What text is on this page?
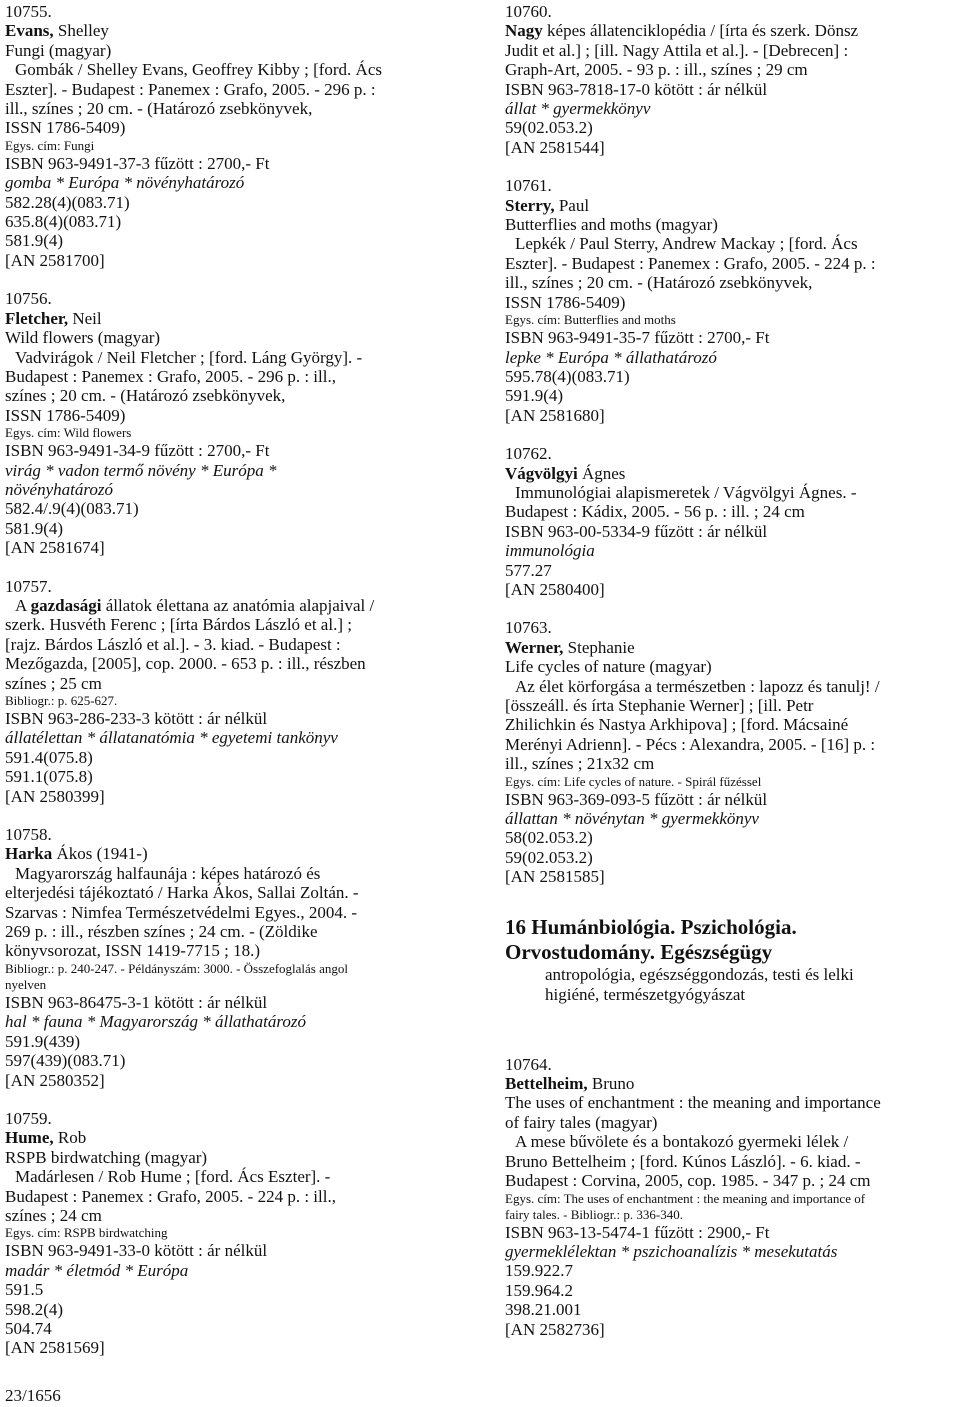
10755.
Evans, Shelley
Fungi (magyar)
Gombák / Shelley Evans, Geoffrey Kibby ; [ford. Ács
Eszter]. - Budapest : Panemex : Grafo, 2005. - 296 p. :
ill., színes ; 20 cm. - (Határozó zsebkönyvek,
ISSN 1786-5409)
Egys. cím: Fungi
ISBN 963-9491-37-3 fűzött : 2700,- Ft
gomba * Európa * növényhatározó
582.28(4)(083.71)
635.8(4)(083.71)
581.9(4)
[AN 2581700]
10756.
Fletcher, Neil
Wild flowers (magyar)
Vadvirágok / Neil Fletcher ; [ford. Láng György]. -
Budapest : Panemex : Grafo, 2005. - 296 p. : ill.,
színes ; 20 cm. - (Határozó zsebkönyvek,
ISSN 1786-5409)
Egys. cím: Wild flowers
ISBN 963-9491-34-9 fűzött : 2700,- Ft
virág * vadon termő növény * Európa *
növényhatározó
582.4/.9(4)(083.71)
581.9(4)
[AN 2581674]
10757.
A gazdasági állatok élettana az anatómia alapjaival /
szerk. Husvéth Ferenc ; [írta Bárdos László et al.] ;
[rajz. Bárdos László et al.]. - 3. kiad. - Budapest :
Mezőgazda, [2005], cop. 2000. - 653 p. : ill., részben
színes ; 25 cm
Bibliogr.: p. 625-627.
ISBN 963-286-233-3 kötött : ár nélkül
állatélettan * állatanatómia * egyetemi tankönyv
591.4(075.8)
591.1(075.8)
[AN 2580399]
10758.
Harka Ákos (1941-)
Magyarország halfaunája : képes határozó és
elterjedési tájékoztató / Harka Ákos, Sallai Zoltán. -
Szarvas : Nimfea Természetvédelmi Egyes., 2004. -
269 p. : ill., részben színes ; 24 cm. - (Zöldike
könyvsorozat, ISSN 1419-7715 ; 18.)
Bibliogr.: p. 240-247. - Példányszám: 3000. - Összefoglalás angol
nyelven
ISBN 963-86475-3-1 kötött : ár nélkül
hal * fauna * Magyarország * állathatározó
591.9(439)
597(439)(083.71)
[AN 2580352]
10759.
Hume, Rob
RSPB birdwatching (magyar)
Madárlesen / Rob Hume ; [ford. Ács Eszter]. -
Budapest : Panemex : Grafo, 2005. - 224 p. : ill.,
színes ; 24 cm
Egys. cím: RSPB birdwatching
ISBN 963-9491-33-0 kötött : ár nélkül
madár * életmód * Európa
591.5
598.2(4)
504.74
[AN 2581569]
10760.
Nagy képes állatenciklopédia / [írta és szerk. Dönsz
Judit et al.] ; [ill. Nagy Attila et al.]. - [Debrecen] :
Graph-Art, 2005. - 93 p. : ill., színes ; 29 cm
ISBN 963-7818-17-0 kötött : ár nélkül
állat * gyermekkönyv
59(02.053.2)
[AN 2581544]
10761.
Sterry, Paul
Butterflies and moths (magyar)
Lepkék / Paul Sterry, Andrew Mackay ; [ford. Ács
Eszter]. - Budapest : Panemex : Grafo, 2005. - 224 p. :
ill., színes ; 20 cm. - (Határozó zsebkönyvek,
ISSN 1786-5409)
Egys. cím: Butterflies and moths
ISBN 963-9491-35-7 fűzött : 2700,- Ft
lepke * Európa * állathatározó
595.78(4)(083.71)
591.9(4)
[AN 2581680]
10762.
Vágvölgyi Ágnes
Immunológiai alapismeretek / Vágvölgyi Ágnes. -
Budapest : Kádix, 2005. - 56 p. : ill. ; 24 cm
ISBN 963-00-5334-9 fűzött : ár nélkül
immunológia
577.27
[AN 2580400]
10763.
Werner, Stephanie
Life cycles of nature (magyar)
Az élet körforgása a természetben : lapozz és tanulj! /
[összeáll. és írta Stephanie Werner] ; [ill. Petr
Zhilichkin és Nastya Arkhipova] ; [ford. Mácsainé
Merényi Adrienn]. - Pécs : Alexandra, 2005. - [16] p. :
ill., színes ; 21x32 cm
Egys. cím: Life cycles of nature. - Spirál fűzéssel
ISBN 963-369-093-5 fűzött : ár nélkül
állattan * növénytan * gyermekkönyv
58(02.053.2)
59(02.053.2)
[AN 2581585]
16 Humánbiológia. Pszichológia.
Orvostudomány. Egészségügy
antropológia, egészséggondozás, testi és lelki
higiéné, természetgyógyászat
10764.
Bettelheim, Bruno
The uses of enchantment : the meaning and importance
of fairy tales (magyar)
A mese bűvölete és a bontakozó gyermeki lélek /
Bruno Bettelheim ; [ford. Kúnos László]. - 6. kiad. -
Budapest : Corvina, 2005, cop. 1985. - 347 p. ; 24 cm
Egys. cím: The uses of enchantment : the meaning and importance of
fairy tales. - Bibliogr.: p. 336-340.
ISBN 963-13-5474-1 fűzött : 2900,- Ft
gyermeklélektan * pszichoanalízis * mesekutatás
159.922.7
159.964.2
398.21.001
[AN 2582736]
23/1656
